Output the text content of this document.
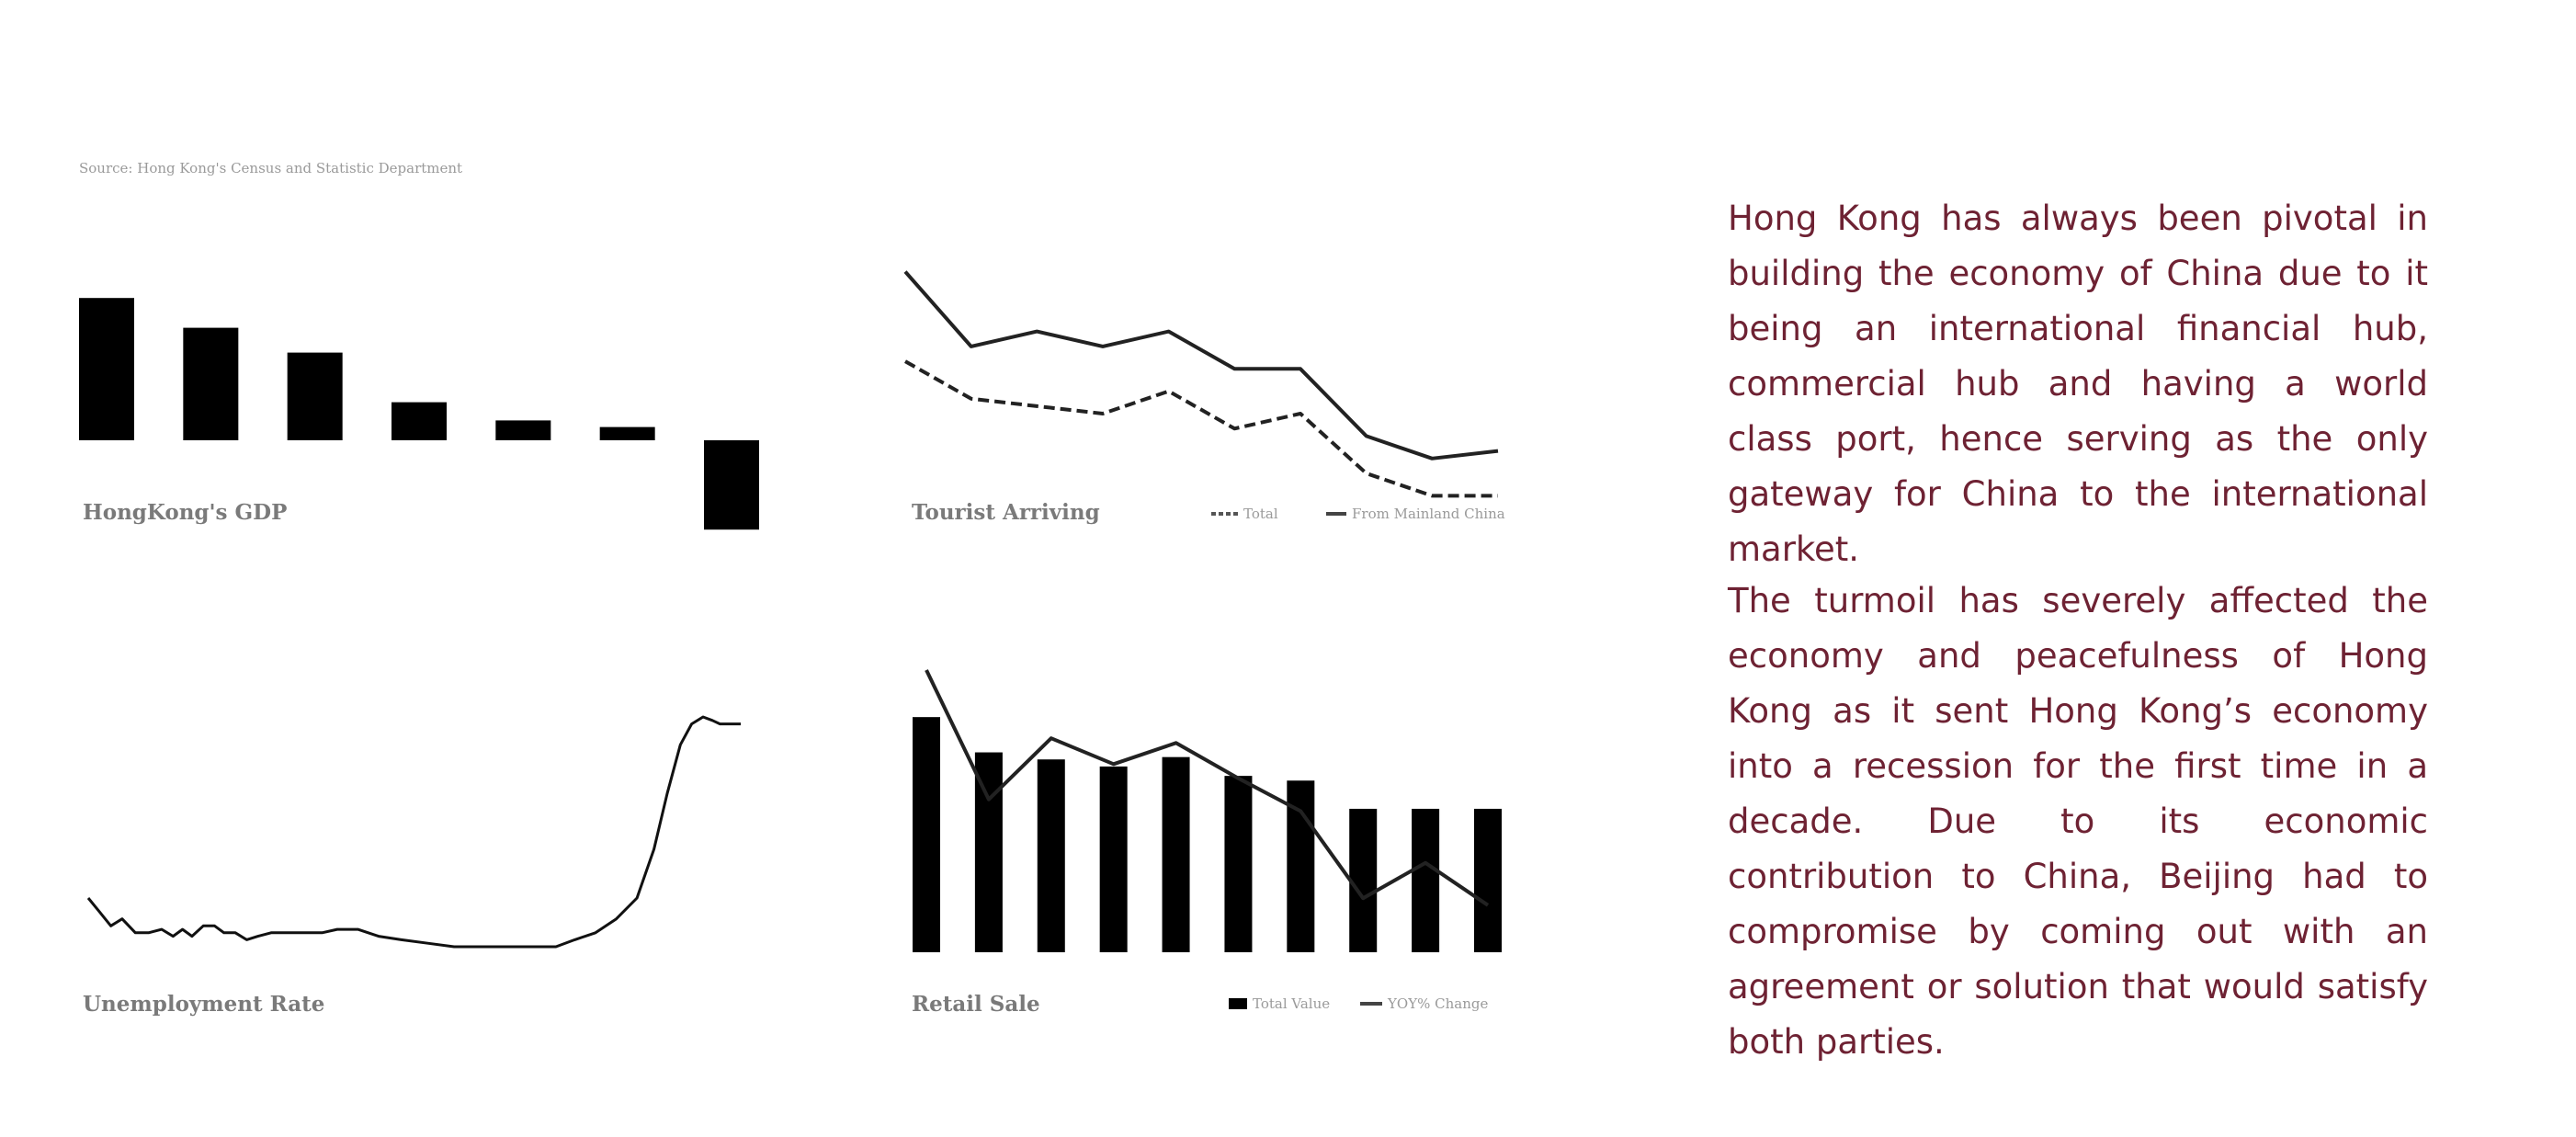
Source: Hong Kong's Census and Statistic Department
HongKong's GDP	Tourist Arriving	Total	From Mainland China
Unemployment Rate	Retail Sale	Total Value	YOY% Change

Hong Kong has always been pivotal in building the economy of China due to it being an international financial hub, commercial hub and having a world class port, hence serving as the only gateway for China to the international market.

The turmoil has severely affected the economy and peacefulness of Hong Kong as it sent Hong Kong’s economy into a recession for the first time in a decade. Due to its economic contribution to China, Beijing had to compromise by coming out with an agreement or solution that would satisfy both parties.
